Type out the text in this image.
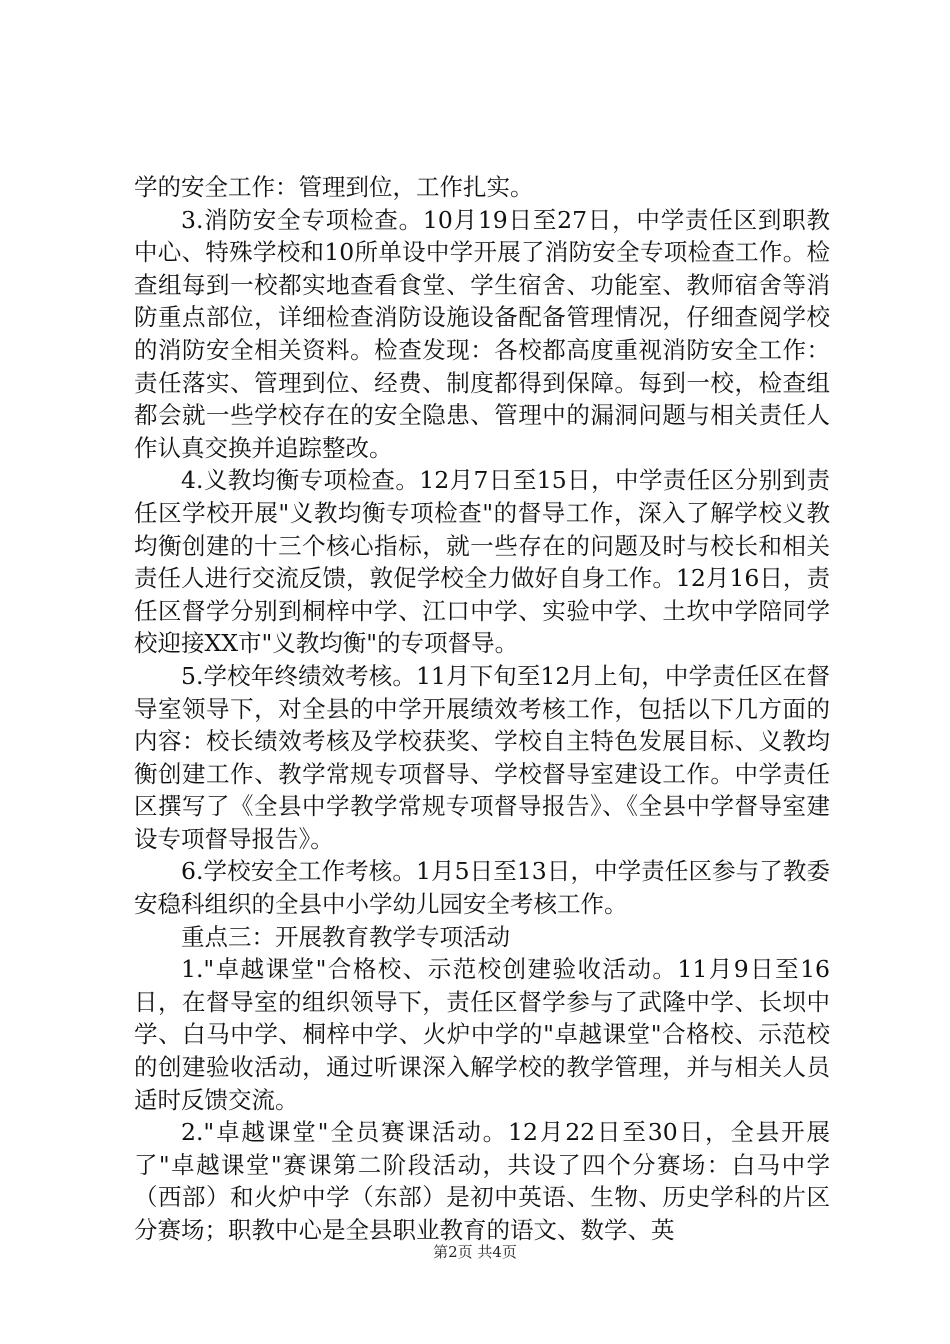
学的安全工作：管理到位，工作扎实。

3.消防安全专项检查。10月19日至27日，中学责任区到职教中心、特殊学校和10所单设中学开展了消防安全专项检查工作。检查组每到一校都实地查看食堂、学生宿舍、功能室、教师宿舍等消防重点部位，详细检查消防设施设备配备管理情况，仔细查阅学校的消防安全相关资料。检查发现：各校都高度重视消防安全工作：责任落实、管理到位、经费、制度都得到保障。每到一校，检查组都会就一些学校存在的安全隐患、管理中的漏洞问题与相关责任人作认真交换并追踪整改。

4.义教均衡专项检查。12月7日至15日，中学责任区分别到责任区学校开展"义教均衡专项检查"的督导工作，深入了解学校义教均衡创建的十三个核心指标，就一些存在的问题及时与校长和相关责任人进行交流反馈，敦促学校全力做好自身工作。12月16日，责任区督学分别到桐梓中学、江口中学、实验中学、土坎中学陪同学校迎接XX市"义教均衡"的专项督导。

5.学校年终绩效考核。11月下旬至12月上旬，中学责任区在督导室领导下，对全县的中学开展绩效考核工作，包括以下几方面的内容：校长绩效考核及学校获奖、学校自主特色发展目标、义教均衡创建工作、教学常规专项督导、学校督导室建设工作。中学责任区撰写了《全县中学教学常规专项督导报告》、《全县中学督导室建设专项督导报告》。

6.学校安全工作考核。1月5日至13日，中学责任区参与了教委安稳科组织的全县中小学幼儿园安全考核工作。

重点三：开展教育教学专项活动

1."卓越课堂"合格校、示范校创建验收活动。11月9日至16日，在督导室的组织领导下，责任区督学参与了武隆中学、长坝中学、白马中学、桐梓中学、火炉中学的"卓越课堂"合格校、示范校的创建验收活动，通过听课深入解学校的教学管理，并与相关人员适时反馈交流。

2."卓越课堂"全员赛课活动。12月22日至30日，全县开展了"卓越课堂"赛课第二阶段活动，共设了四个分赛场：白马中学（西部）和火炉中学（东部）是初中英语、生物、历史学科的片区分赛场；职教中心是全县职业教育的语文、数学、英

第2页 共4页
